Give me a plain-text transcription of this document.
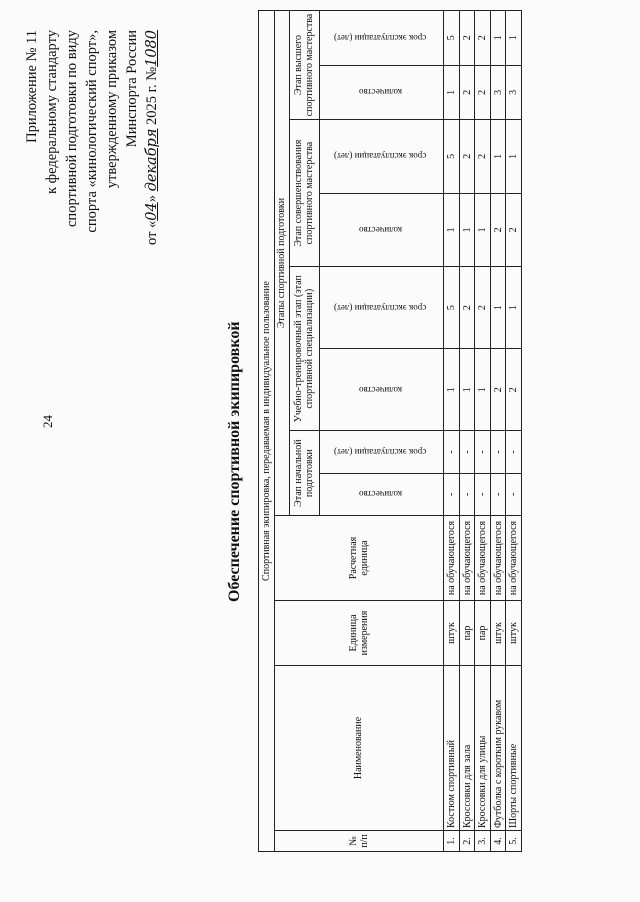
24
Приложение № 11 к федеральному стандарту спортивной подготовки по виду спорта «кинологический спорт», утвержденному приказом Минспорта России
от «04» декабря 2025 г. №1080
Обеспечение спортивной экипировкой Спортивная экипировка, передаваемая в индивидуальное пользование											
№ п/п	Наименование	Единица измерения	Расчетная единица	Этапы спортивной подготовки							
				Этап начальной подготовки		Учебно-тренировочный этап (этап спортивной специализации)		Этап совершенствования спортивного мастерства		Этап высшего спортивного мастерства	
				количество	срок эксплуатации (лет)	количество	срок эксплуатации (лет)	количество	срок эксплуатации (лет)	количество	срок эксплуатации (лет)
1.	Костюм спортивный	штук	на обучающегося	-	-	1	5	1	5	1	5
2.	Кроссовки для зала	пар	на обучающегося	-	-	1	2	1	2	2	2
3.	Кроссовки для улицы	пар	на обучающегося	-	-	1	2	1	2	2	2
4.	Футболка с коротким рукавом	штук	на обучающегося	-	-	2	1	2	1	3	1
5.	Шорты спортивные	штук	на обучающегося	-	-	2	1	2	1	3	1
